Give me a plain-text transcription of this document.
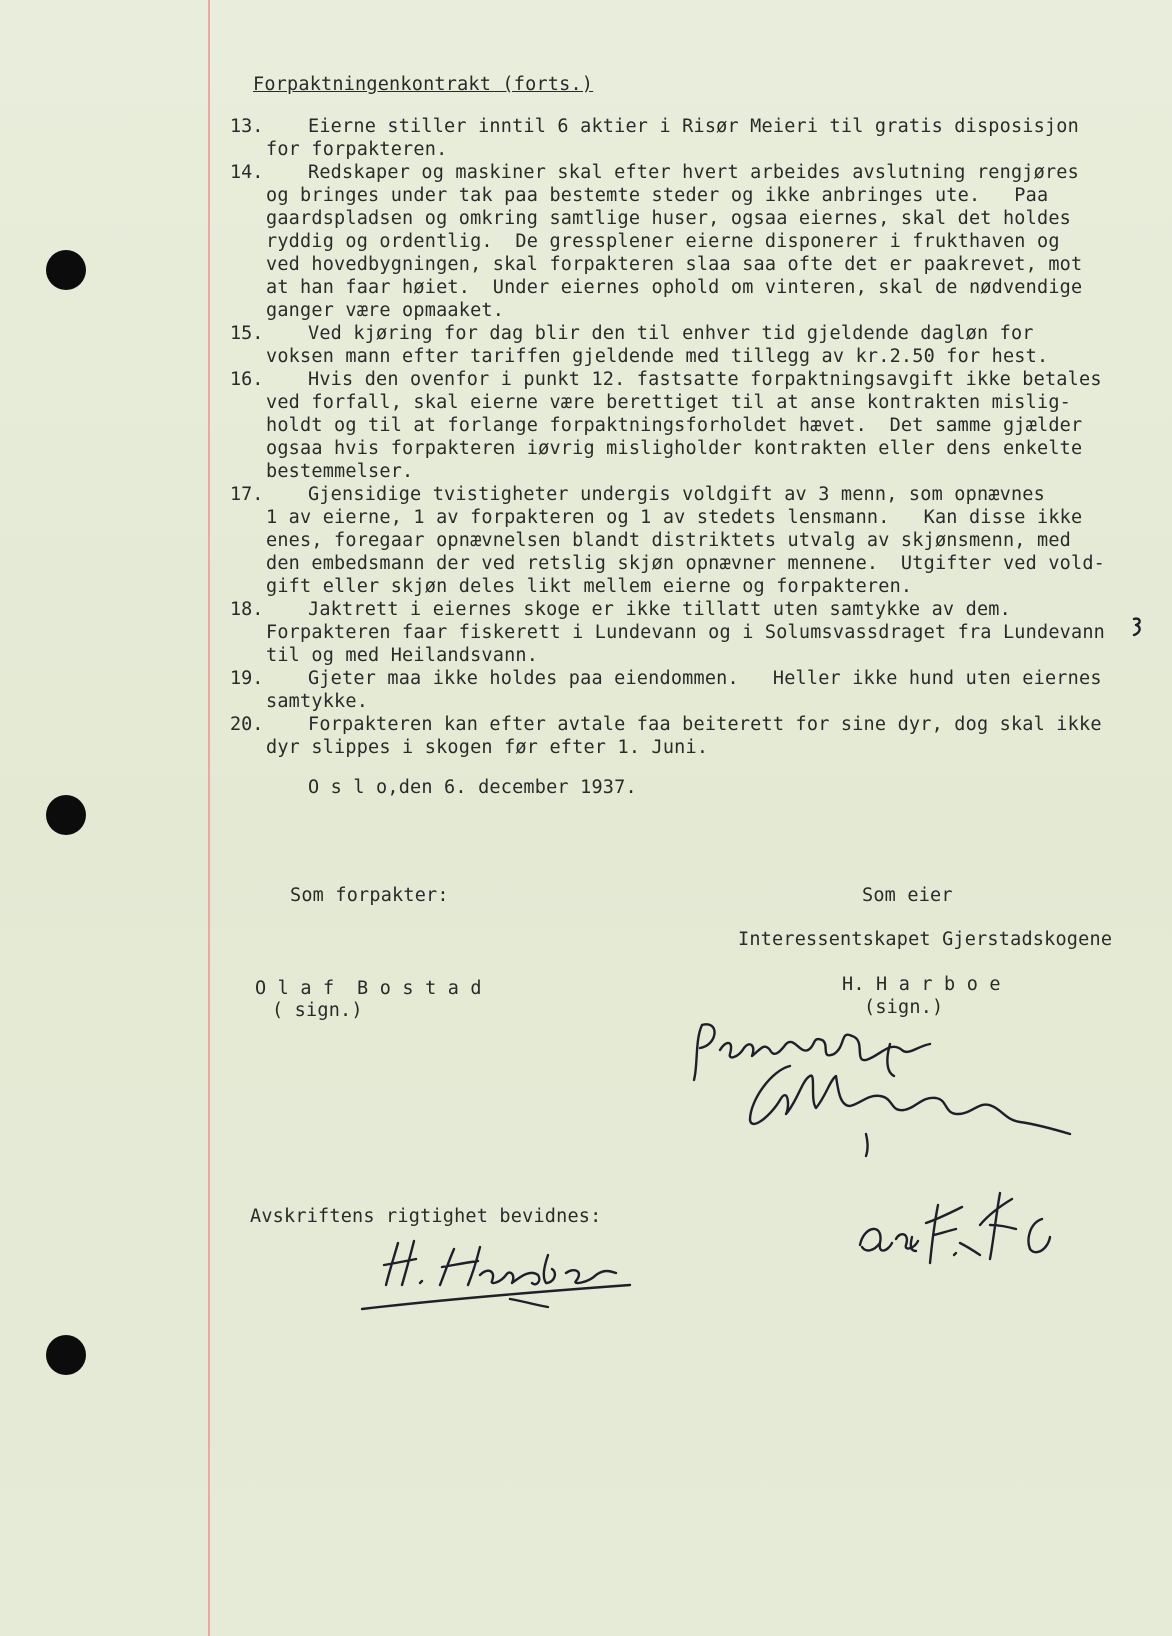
Forpaktningenkontrakt (forts.)
13. Eierne stiller inntil 6 aktier i Risør Meieri til gratis disposisjon
for forpakteren.
14. Redskaper og maskiner skal efter hvert arbeides avslutning rengjøres
og bringes under tak paa bestemte steder og ikke anbringes ute.   Paa
gaardspladsen og omkring samtlige huser, ogsaa eiernes, skal det holdes
ryddig og ordentlig.  De gressplener eierne disponerer i frukthaven og
ved hovedbygningen, skal forpakteren slaa saa ofte det er paakrevet, mot
at han faar høiet.  Under eiernes ophold om vinteren, skal de nødvendige
ganger være opmaaket.
15. Ved kjøring for dag blir den til enhver tid gjeldende dagløn for
voksen mann efter tariffen gjeldende med tillegg av kr.2.50 for hest.
16. Hvis den ovenfor i punkt 12. fastsatte forpaktningsavgift ikke betales
ved forfall, skal eierne være berettiget til at anse kontrakten mislig-
holdt og til at forlange forpaktningsforholdet hævet.  Det samme gjælder
ogsaa hvis forpakteren iøvrig misligholder kontrakten eller dens enkelte
bestemmelser.
17. Gjensidige tvistigheter undergis voldgift av 3 menn, som opnævnes
1 av eierne, 1 av forpakteren og 1 av stedets lensmann.   Kan disse ikke
enes, foregaar opnævnelsen blandt distriktets utvalg av skjønsmenn, med
den embedsmann der ved retslig skjøn opnævner mennene.  Utgifter ved vold-
gift eller skjøn deles likt mellem eierne og forpakteren.
18. Jaktrett i eiernes skoge er ikke tillatt uten samtykke av dem.
Forpakteren faar fiskerett i Lundevann og i Solumsvassdraget fra Lundevann
til og med Heilandsvann.
19. Gjeter maa ikke holdes paa eiendommen.   Heller ikke hund uten eiernes
samtykke.
20. Forpakteren kan efter avtale faa beiterett for sine dyr, dog skal ikke
dyr slippes i skogen før efter 1. Juni.
O s l o,den 6. december 1937.
Som forpakter:	Som eier
Interessentskapet Gjerstadskogene
O l a f  B o s t a d
( sign.)
H. H a r b o e
(sign.)
Avskriftens rigtighet bevidnes:
